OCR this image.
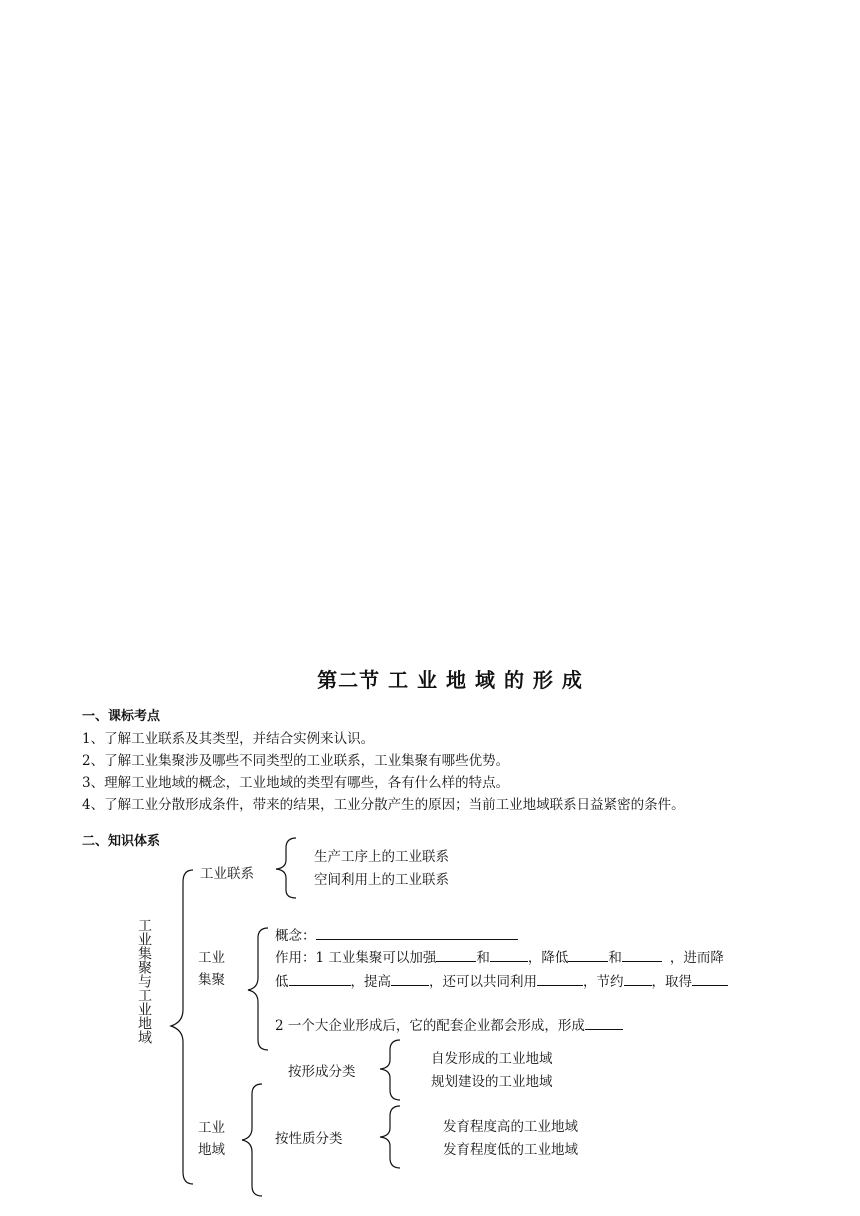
第二节 工 业 地 域 的 形 成
一、课标考点
1、了解工业联系及其类型，并结合实例来认识。
2、了解工业集聚涉及哪些不同类型的工业联系，工业集聚有哪些优势。
3、理解工业地域的概念，工业地域的类型有哪些，各有什么样的特点。
4、了解工业分散形成条件，带来的结果，工业分散产生的原因；当前工业地域联系日益紧密的条件。
二、知识体系
工业集聚与工业地域
工业联系
生产工序上的工业联系
空间利用上的工业联系
工业
集聚
概念：
作用：1 工业集聚可以加强	和	，降低	和	，进而降
低	，提高	，还可以共同利用	，节约 ，取得
2 一个大企业形成后，它的配套企业都会形成，形成
按形成分类
自发形成的工业地域
规划建设的工业地域
工业
地域
按性质分类
发育程度高的工业地域
发育程度低的工业地域
